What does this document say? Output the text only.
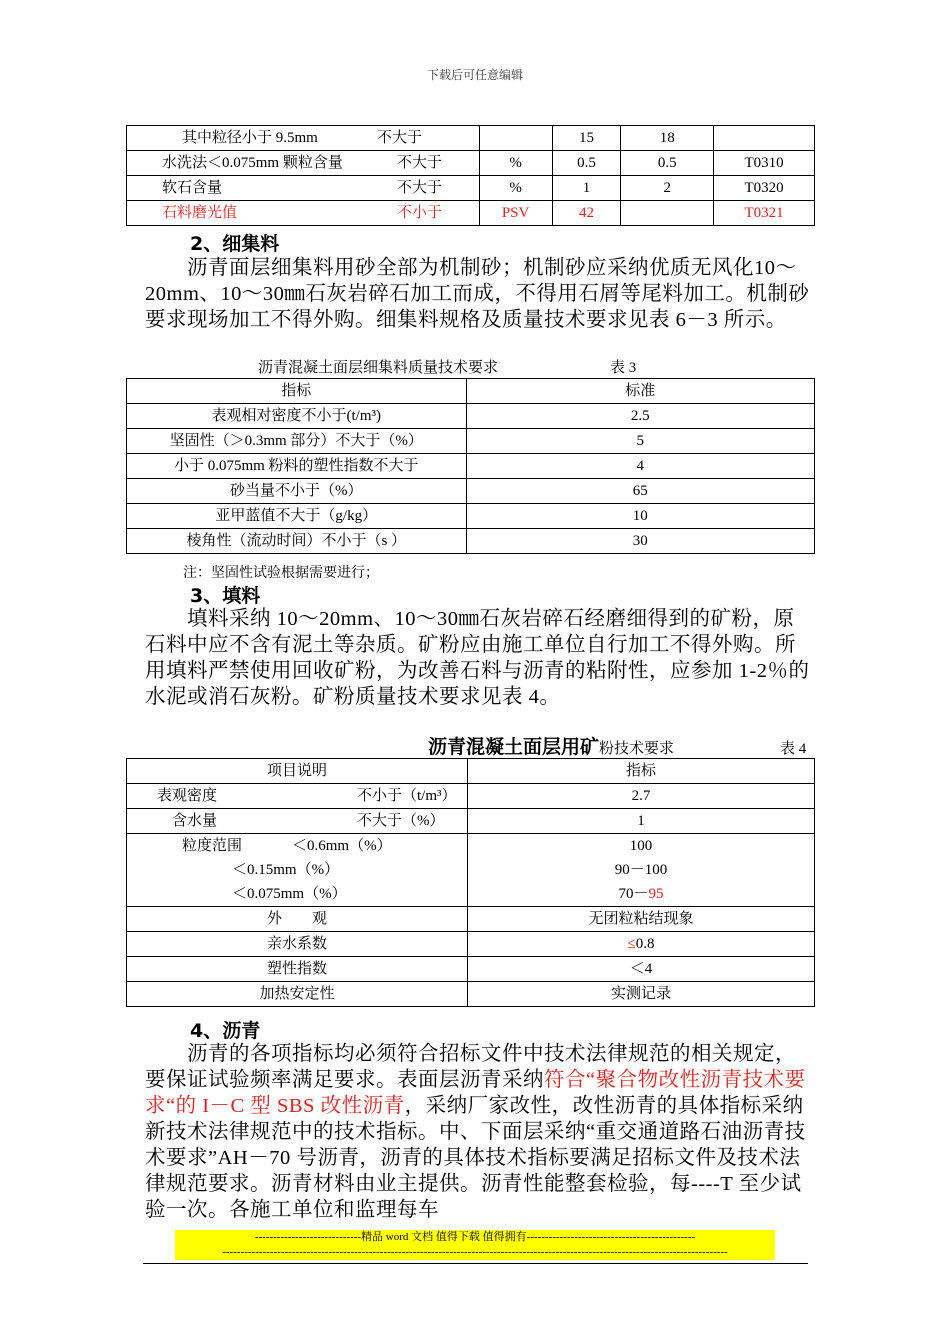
下载后可任意编辑
其中粒径小于 9.5mm 不大于		15	18	
水洗法＜0.075mm 颗粒含量 不大于	%	0.5	0.5	T0310
软石含量 不大于	%	1	2	T0320
石料磨光值 不小于	PSV	42		T0321
2、细集料
沥青面层细集料用砂全部为机制砂；机制砂应采纳优质无风化10～20mm、10～30㎜石灰岩碎石加工而成，不得用石屑等尾料加工。机制砂要求现场加工不得外购。细集料规格及质量技术要求见表 6－3 所示。
沥青混凝土面层细集料质量技术要求	表 3
指标	标准
表观相对密度不小于(t/m³)	2.5
坚固性（＞0.3mm 部分）不大于（%）	5
小于 0.075mm 粉料的塑性指数不大于	4
砂当量不小于（%）	65
亚甲蓝值不大于（g/kg）	10
棱角性（流动时间）不小于（s ）	30
注：坚固性试验根据需要进行；
3、填料
填料采纳 10～20mm、10～30㎜石灰岩碎石经磨细得到的矿粉，原石料中应不含有泥土等杂质。矿粉应由施工单位自行加工不得外购。所用填料严禁使用回收矿粉，为改善石料与沥青的粘附性，应参加 1-2％的水泥或消石灰粉。矿粉质量技术要求见表 4。
沥青混凝土面层用矿粉技术要求	表 4
项目说明	指标
表观密度 不小于（t/m³）	2.7
含水量 不大于（%）	1
粒度范围 ＜0.6mm（%）	100
＜0.15mm（%）	90－100
＜0.075mm（%）	70－95
外　　观	无团粒粘结现象
亲水系数	≤0.8
塑性指数	＜4
加热安定性	实测记录
4、沥青
沥青的各项指标均必须符合招标文件中技术法律规范的相关规定，要保证试验频率满足要求。表面层沥青采纳符合“聚合物改性沥青技术要求“的 I－C 型 SBS 改性沥青，采纳厂家改性，改性沥青的具体指标采纳新技术法律规范中的技术指标。中、下面层采纳“重交通道路石油沥青技术要求”AH－70 号沥青，沥青的具体技术指标要满足招标文件及技术法律规范要求。沥青材料由业主提供。沥青性能整套检验，每----T 至少试验一次。各施工单位和监理每车
-----------------------------精品 word 文档 值得下载 值得拥有----------------------------------------------
------------------------------------------------------------------------------------------------------------------------------------------
